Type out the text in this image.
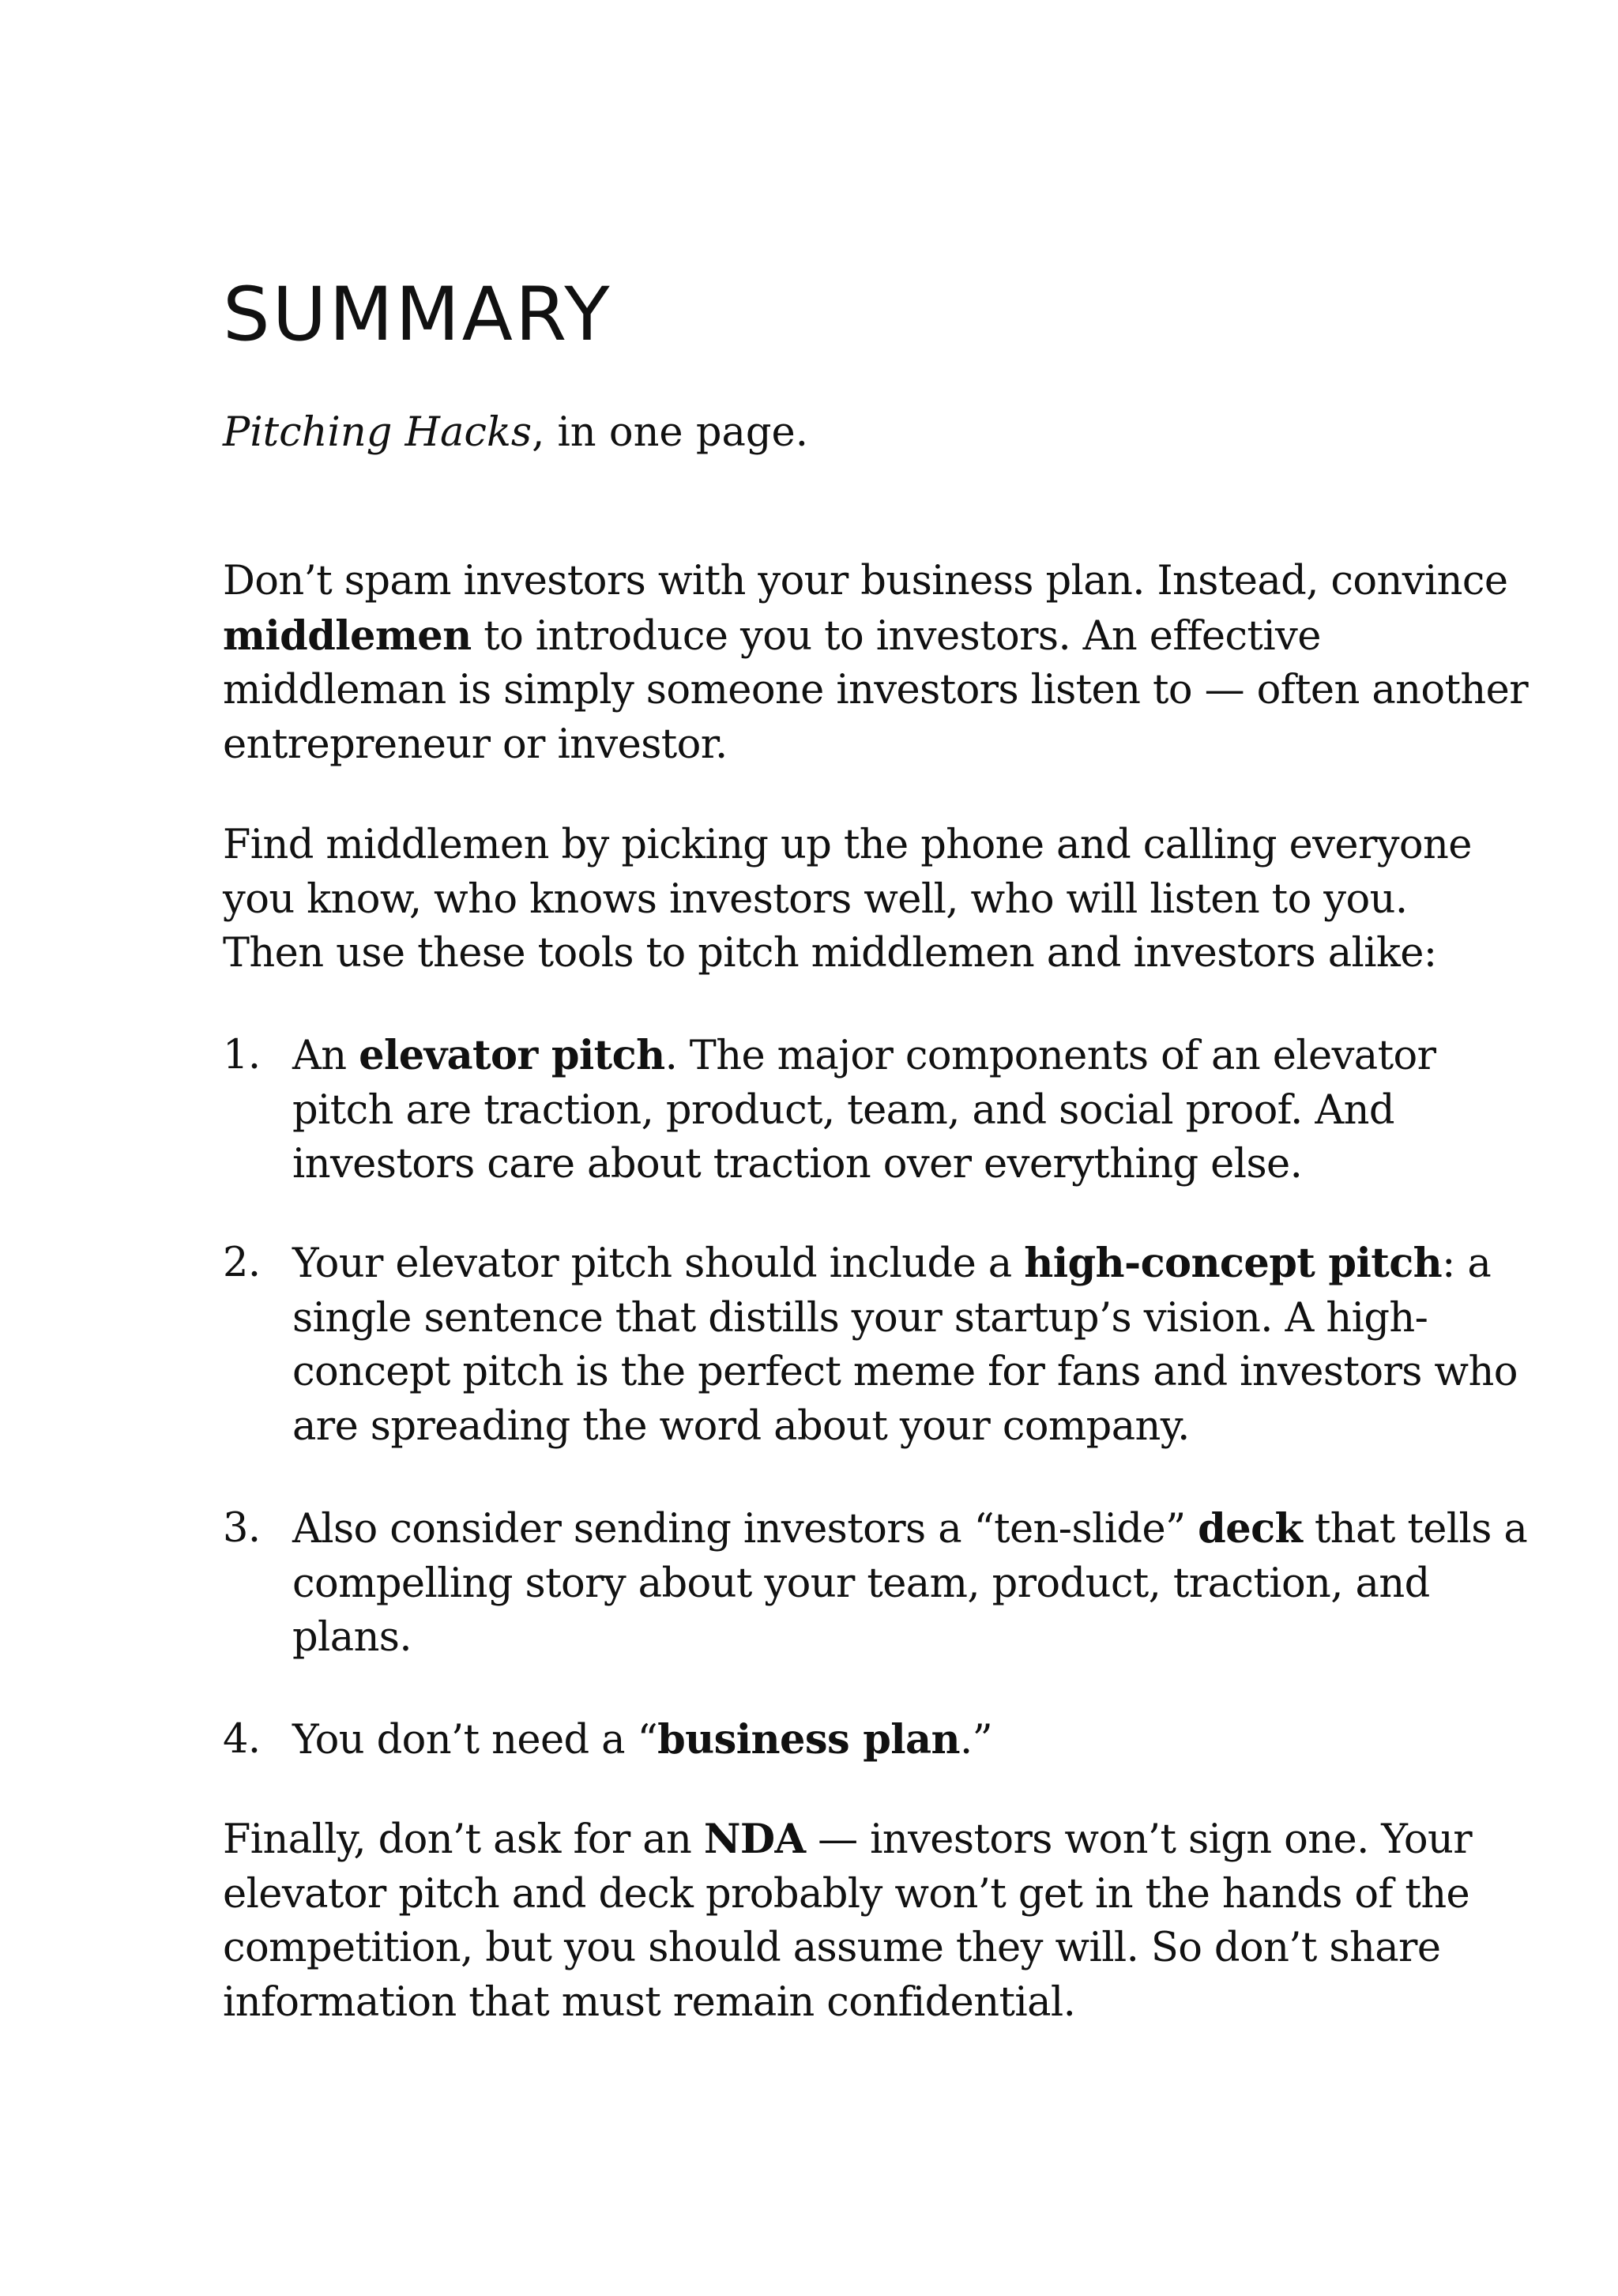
SUMMARY

Pitching Hacks, in one page.

Don’t spam investors with your business plan. Instead, convince
middlemen to introduce you to investors. An effective
middleman is simply someone investors listen to — often another
entrepreneur or investor.

Find middlemen by picking up the phone and calling everyone
you know, who knows investors well, who will listen to you.
Then use these tools to pitch middlemen and investors alike:

1. An elevator pitch. The major components of an elevator
pitch are traction, product, team, and social proof. And
investors care about traction over everything else.
2. Your elevator pitch should include a high-concept pitch: a
single sentence that distills your startup’s vision. A high-
concept pitch is the perfect meme for fans and investors who
are spreading the word about your company.
3. Also consider sending investors a “ten-slide” deck that tells a
compelling story about your team, product, traction, and
plans.
4. You don’t need a “business plan.”

Finally, don’t ask for an NDA — investors won’t sign one. Your
elevator pitch and deck probably won’t get in the hands of the
competition, but you should assume they will. So don’t share
information that must remain confidential.
